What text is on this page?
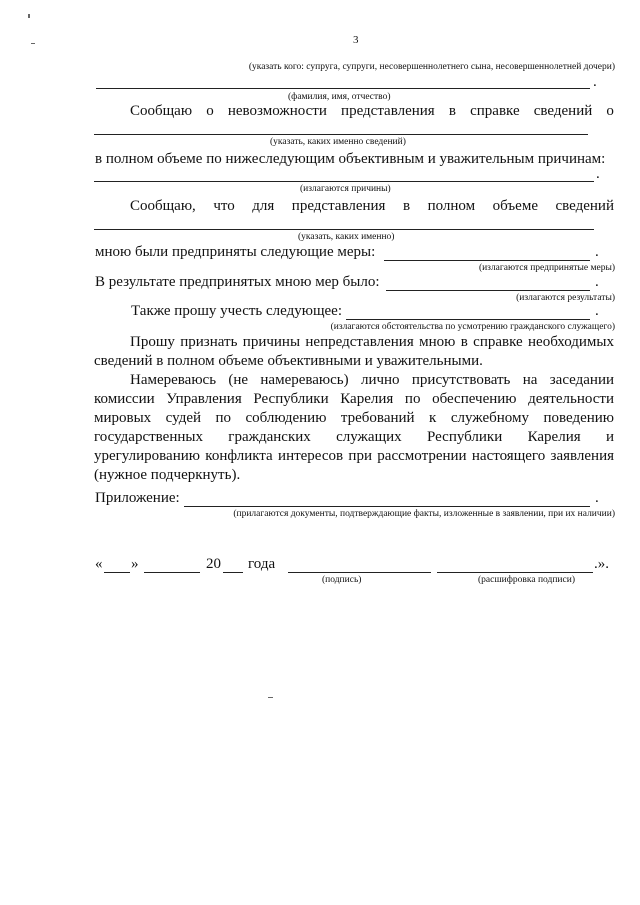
3
(указать кого: супруга, супруги, несовершеннолетнего сына, несовершеннолетней дочери)
.
(фамилия, имя, отчество)
Сообщаю о невозможности представления в справке сведений о
(указать, каких именно сведений)
в полном объеме по нижеследующим объективным и уважительным причинам:
.
(излагаются причины)
Сообщаю, что для представления в полном объеме сведений
(указать, каких именно)
мною были предприняты следующие меры:	.
(излагаются предпринятые меры)
В результате предпринятых мною мер было:	.
(излагаются результаты)
Также прошу учесть следующее:	.
(излагаются обстоятельства по усмотрению гражданского служащего)

Прошу признать причины непредставления мною в справке необходимых сведений в полном объеме объективными и уважительными.

Намереваюсь (не намереваюсь) лично присутствовать на заседании комиссии Управления Республики Карелия по обеспечению деятельности мировых судей по соблюдению требований к служебному поведению государственных гражданских служащих Республики Карелия и урегулированию конфликта интересов при рассмотрении настоящего заявления (нужное подчеркнуть).

Приложение:	.
(прилагаются документы, подтверждающие факты, изложенные в заявлении, при их наличии)
« »	20 года	.».
(подпись)	(расшифровка подписи)
